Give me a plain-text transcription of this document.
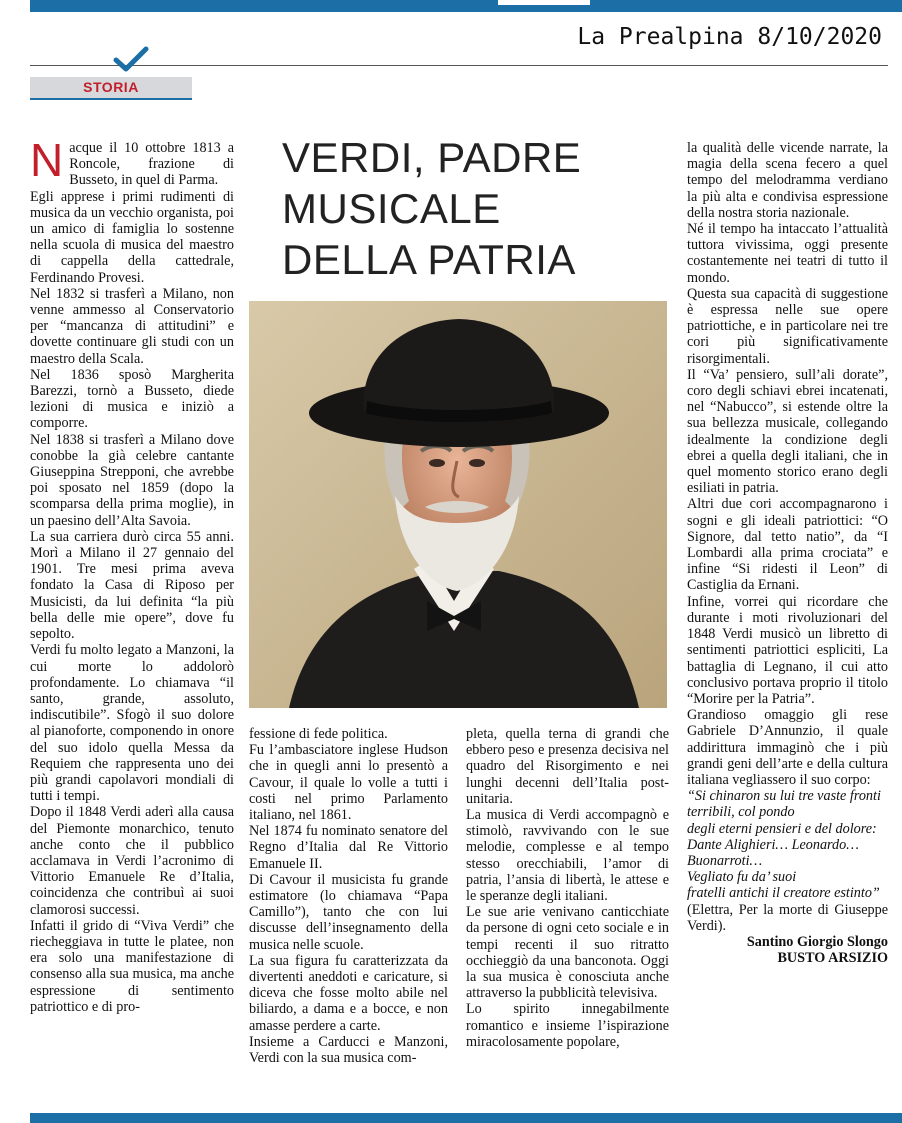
La Prealpina 8/10/2020
STORIA
VERDI, PADRE MUSICALE DELLA PATRIA

Nacque il 10 ottobre 1813 a Roncole, frazione di Busseto, in quel di Parma.

Egli apprese i primi rudimenti di musica da un vecchio organista, poi un amico di famiglia lo sostenne nella scuola di musica del maestro di cappella della cattedrale, Ferdinando Provesi.

Nel 1832 si trasferì a Milano, non venne ammesso al Conservatorio per “mancanza di attitudini” e dovette continuare gli studi con un maestro della Scala.

Nel 1836 sposò Margherita Barezzi, tornò a Busseto, diede lezioni di musica e iniziò a comporre.

Nel 1838 si trasferì a Milano dove conobbe la già celebre cantante Giuseppina Strepponi, che avrebbe poi sposato nel 1859 (dopo la scomparsa della prima moglie), in un paesino dell’Alta Savoia.

La sua carriera durò circa 55 anni. Morì a Milano il 27 gennaio del 1901. Tre mesi prima aveva fondato la Casa di Riposo per Musicisti, da lui definita “la più bella delle mie opere”, dove fu sepolto.

Verdi fu molto legato a Manzoni, la cui morte lo addolorò profondamente. Lo chiamava “il santo, grande, assoluto, indiscutibile”. Sfogò il suo dolore al pianoforte, componendo in onore del suo idolo quella Messa da Requiem che rappresenta uno dei più grandi capolavori mondiali di tutti i tempi.

Dopo il 1848 Verdi aderì alla causa del Piemonte monarchico, tenuto anche conto che il pubblico acclamava in Verdi l’acronimo di Vittorio Emanuele Re d’Italia, coincidenza che contribuì ai suoi clamorosi successi.

Infatti il grido di “Viva Verdi” che riecheggiava in tutte le platee, non era solo una manifestazione di consenso alla sua musica, ma anche espressione di sentimento patriottico e di pro-

fessione di fede politica.

Fu l’ambasciatore inglese Hudson che in quegli anni lo presentò a Cavour, il quale lo volle a tutti i costi nel primo Parlamento italiano, nel 1861.

Nel 1874 fu nominato senatore del Regno d’Italia dal Re Vittorio Emanuele II.

Di Cavour il musicista fu grande estimatore (lo chiamava “Papa Camillo”), tanto che con lui discusse dell’insegnamento della musica nelle scuole.

La sua figura fu caratterizzata da divertenti aneddoti e caricature, si diceva che fosse molto abile nel biliardo, a dama e a bocce, e non amasse perdere a carte.

Insieme a Carducci e Manzoni, Verdi con la sua musica com-

pleta, quella terna di grandi che ebbero peso e presenza decisiva nel quadro del Risorgimento e nei lunghi decenni dell’Italia post-unitaria.

La musica di Verdi accompagnò e stimolò, ravvivando con le sue melodie, complesse e al tempo stesso orecchiabili, l’amor di patria, l’ansia di libertà, le attese e le speranze degli italiani.

Le sue arie venivano canticchiate da persone di ogni ceto sociale e in tempi recenti il suo ritratto occhieggiò da una banconota. Oggi la sua musica è conosciuta anche attraverso la pubblicità televisiva.

Lo spirito innegabilmente romantico e insieme l’ispirazione miracolosamente popolare,

la qualità delle vicende narrate, la magia della scena fecero a quel tempo del melodramma verdiano la più alta e condivisa espressione della nostra storia nazionale.

Né il tempo ha intaccato l’attualità tuttora vivissima, oggi presente costantemente nei teatri di tutto il mondo.

Questa sua capacità di suggestione è espressa nelle sue opere patriottiche, e in particolare nei tre cori più significativamente risorgimentali.

Il “Va’ pensiero, sull’ali dorate”, coro degli schiavi ebrei incatenati, nel “Nabucco”, si estende oltre la sua bellezza musicale, collegando idealmente la condizione degli ebrei a quella degli italiani, che in quel momento storico erano degli esiliati in patria.

Altri due cori accompagnarono i sogni e gli ideali patriottici: “O Signore, dal tetto natio”, da “I Lombardi alla prima crociata” e infine “Si ridesti il Leon” di Castiglia da Ernani.

Infine, vorrei qui ricordare che durante i moti rivoluzionari del 1848 Verdi musicò un libretto di sentimenti patriottici espliciti, La battaglia di Legnano, il cui atto conclusivo portava proprio il titolo “Morire per la Patria”.

Grandioso omaggio gli rese Gabriele D’Annunzio, il quale addirittura immaginò che i più grandi geni dell’arte e della cultura italiana vegliassero il suo corpo:

“Si chinaron su lui tre vaste fronti

terribili, col pondo

degli eterni pensieri e del dolore:

Dante Alighieri… Leonardo… Buonarroti…

Vegliato fu da’ suoi

fratelli antichi il creatore estinto”

(Elettra, Per la morte di Giuseppe Verdi).

Santino Giorgio Slongo

BUSTO ARSIZIO
